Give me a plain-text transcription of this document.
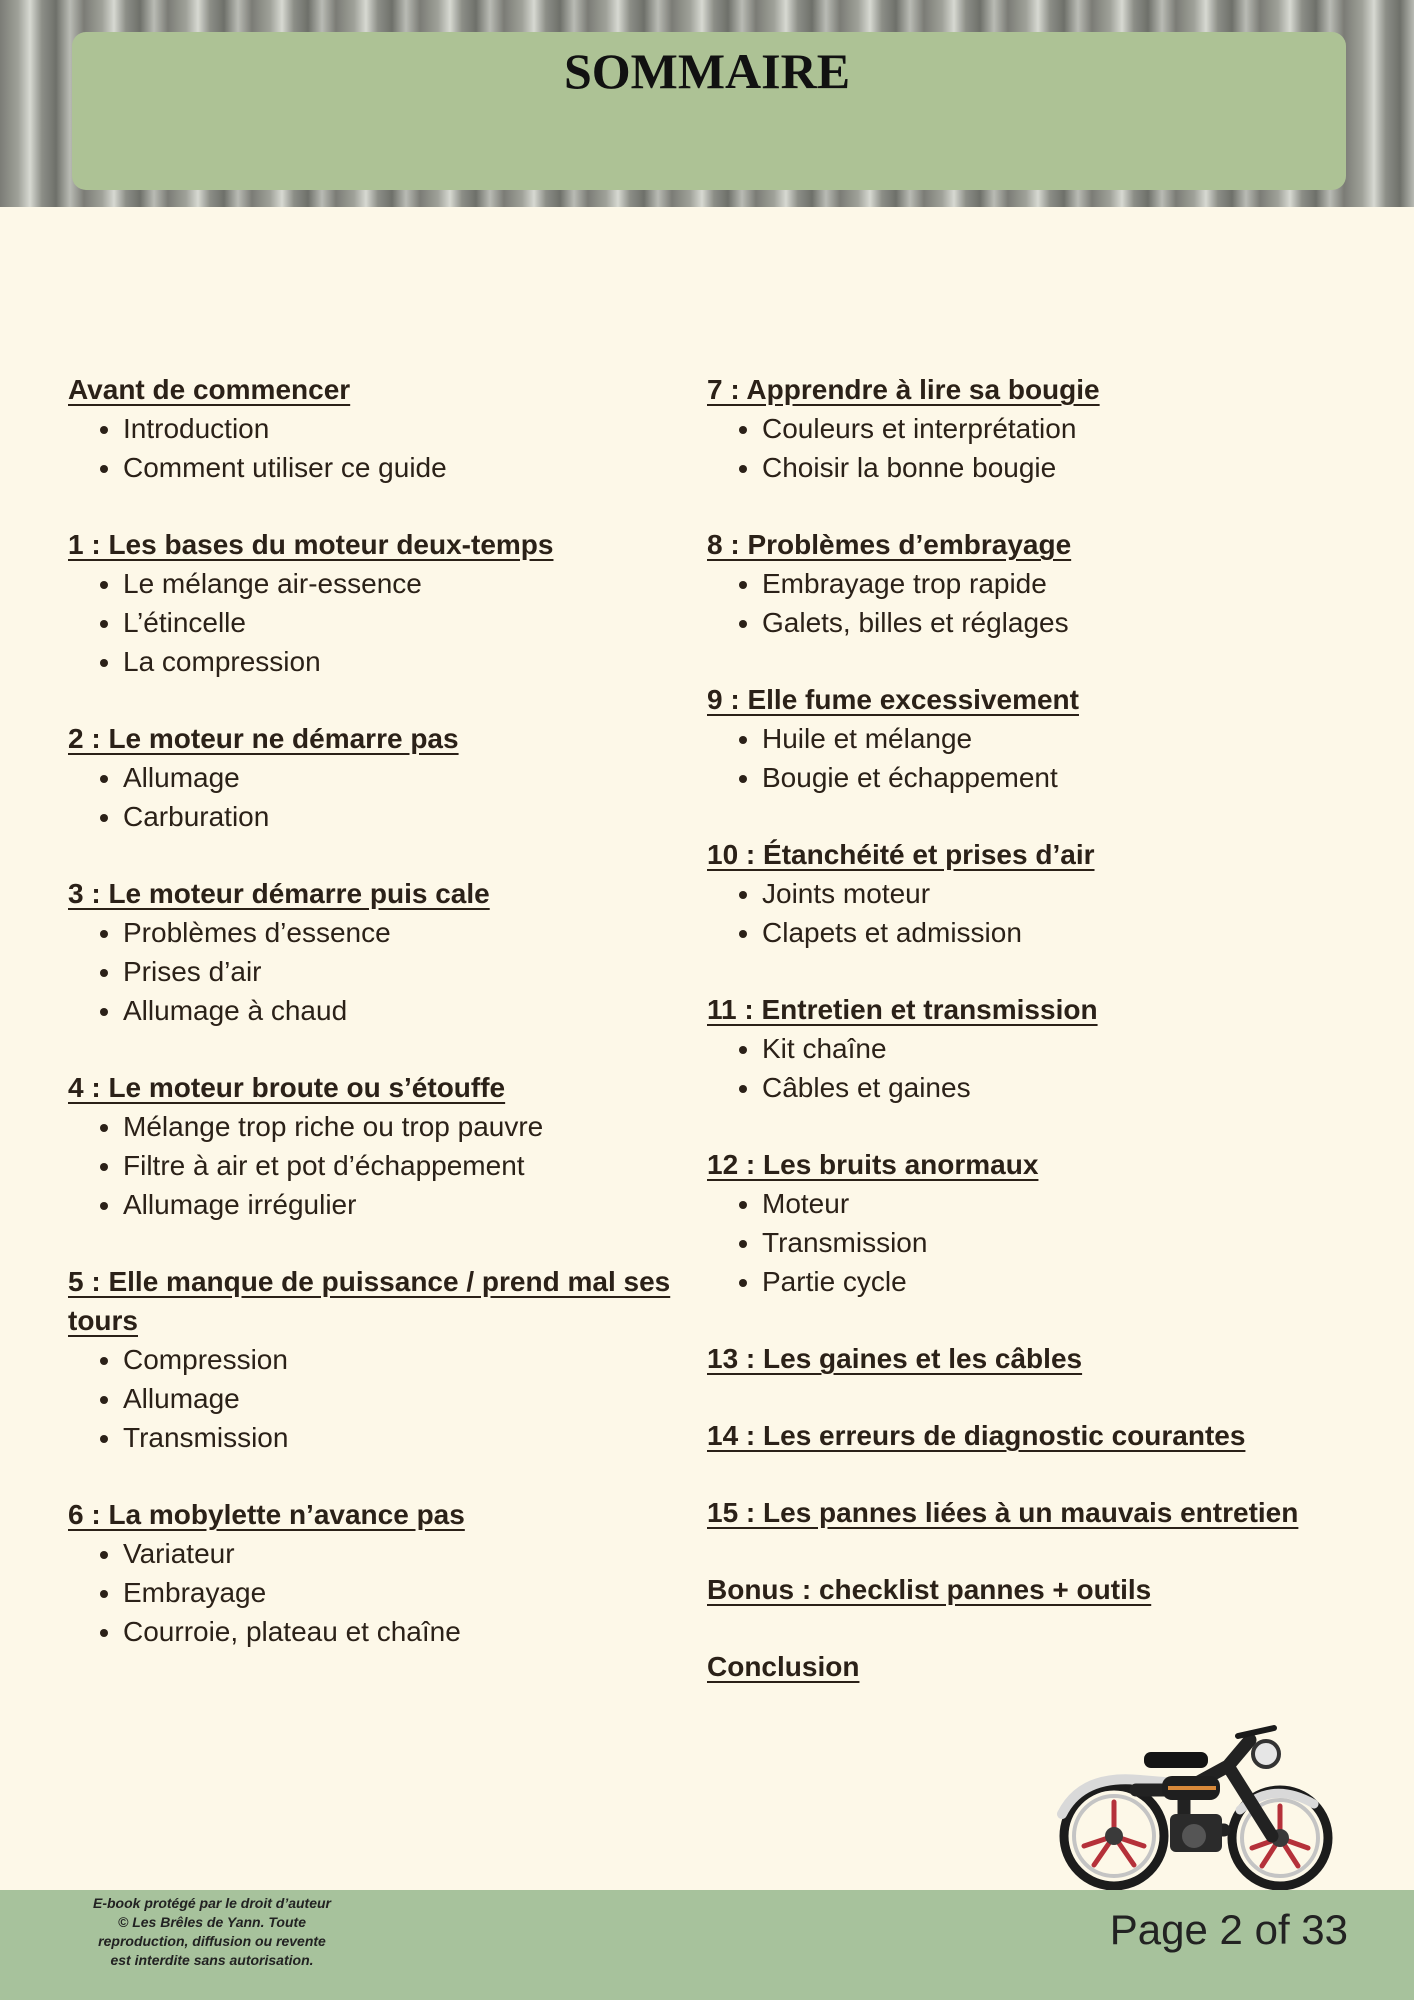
SOMMAIRE
Avant de commencer
• Introduction
• Comment utiliser ce guide
1 : Les bases du moteur deux-temps
• Le mélange air-essence
• L’étincelle
• La compression
2 : Le moteur ne démarre pas
• Allumage
• Carburation
3 : Le moteur démarre puis cale
• Problèmes d’essence
• Prises d’air
• Allumage à chaud
4 : Le moteur broute ou s’étouffe
• Mélange trop riche ou trop pauvre
• Filtre à air et pot d’échappement
• Allumage irrégulier
5 : Elle manque de puissance / prend mal ses tours
• Compression
• Allumage
• Transmission
6 : La mobylette n’avance pas
• Variateur
• Embrayage
• Courroie, plateau et chaîne
7 : Apprendre à lire sa bougie
• Couleurs et interprétation
• Choisir la bonne bougie
8 : Problèmes d’embrayage
• Embrayage trop rapide
• Galets, billes et réglages
9 : Elle fume excessivement
• Huile et mélange
• Bougie et échappement
10 : Étanchéité et prises d’air
• Joints moteur
• Clapets et admission
11 : Entretien et transmission
• Kit chaîne
• Câbles et gaines
12 : Les bruits anormaux
• Moteur
• Transmission
• Partie cycle
13 : Les gaines et les câbles
14 : Les erreurs de diagnostic courantes
15 : Les pannes liées à un mauvais entretien
Bonus : checklist pannes + outils
Conclusion
E-book protégé par le droit d’auteur
© Les Brêles de Yann. Toute
reproduction, diffusion ou revente
est interdite sans autorisation.
Page 2 of 33
